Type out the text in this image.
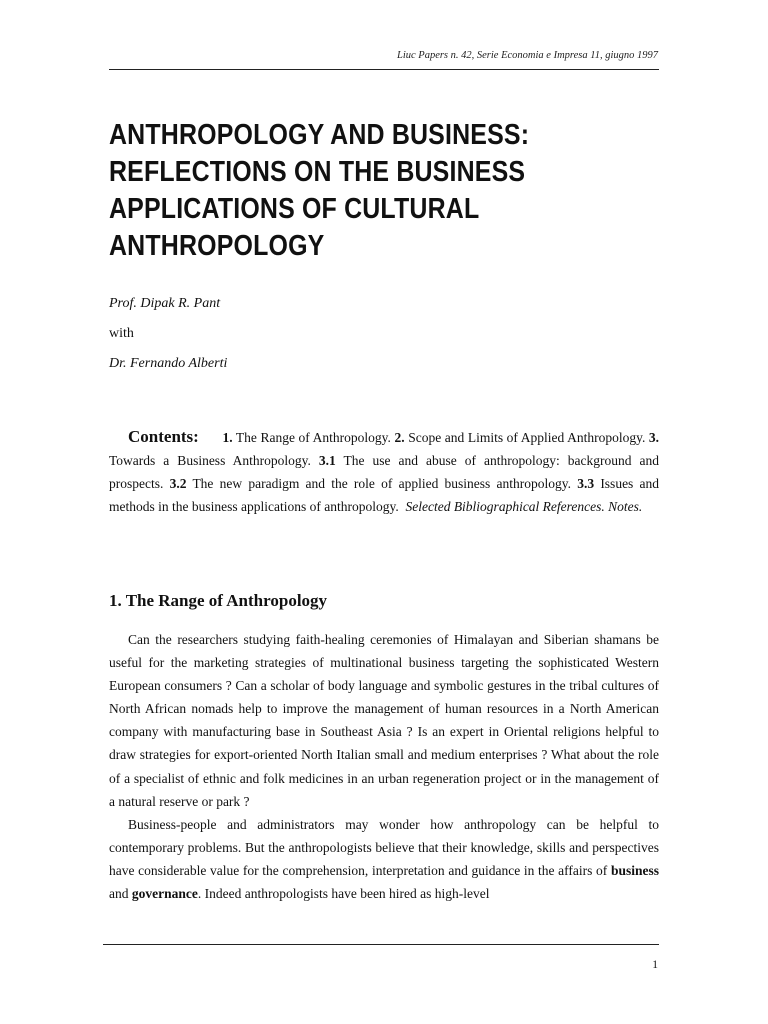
Liuc Papers n. 42, Serie Economia e Impresa 11, giugno 1997
ANTHROPOLOGY AND BUSINESS:
REFLECTIONS ON THE BUSINESS
APPLICATIONS OF CULTURAL
ANTHROPOLOGY
Prof. Dipak R. Pant
with
Dr. Fernando Alberti
Contents: 1. The Range of Anthropology. 2. Scope and Limits of Applied Anthropology. 3. Towards a Business Anthropology. 3.1 The use and abuse of anthropology: background and prospects. 3.2 The new paradigm and the role of applied business anthropology. 3.3 Issues and methods in the business applications of anthropology. Selected Bibliographical References. Notes.
1. The Range of Anthropology

Can the researchers studying faith-healing ceremonies of Himalayan and Siberian shamans be useful for the marketing strategies of multinational business targeting the sophisticated Western European consumers ? Can a scholar of body language and symbolic gestures in the tribal cultures of North African nomads help to improve the management of human resources in a North American company with manufacturing base in Southeast Asia ? Is an expert in Oriental religions helpful to draw strategies for export-oriented North Italian small and medium enterprises ? What about the role of a specialist of ethnic and folk medicines in an urban regeneration project or in the management of a natural reserve or park ?

Business-people and administrators may wonder how anthropology can be helpful to contemporary problems. But the anthropologists believe that their knowledge, skills and perspectives have considerable value for the comprehension, interpretation and guidance in the affairs of business and governance. Indeed anthropologists have been hired as high-level

1
